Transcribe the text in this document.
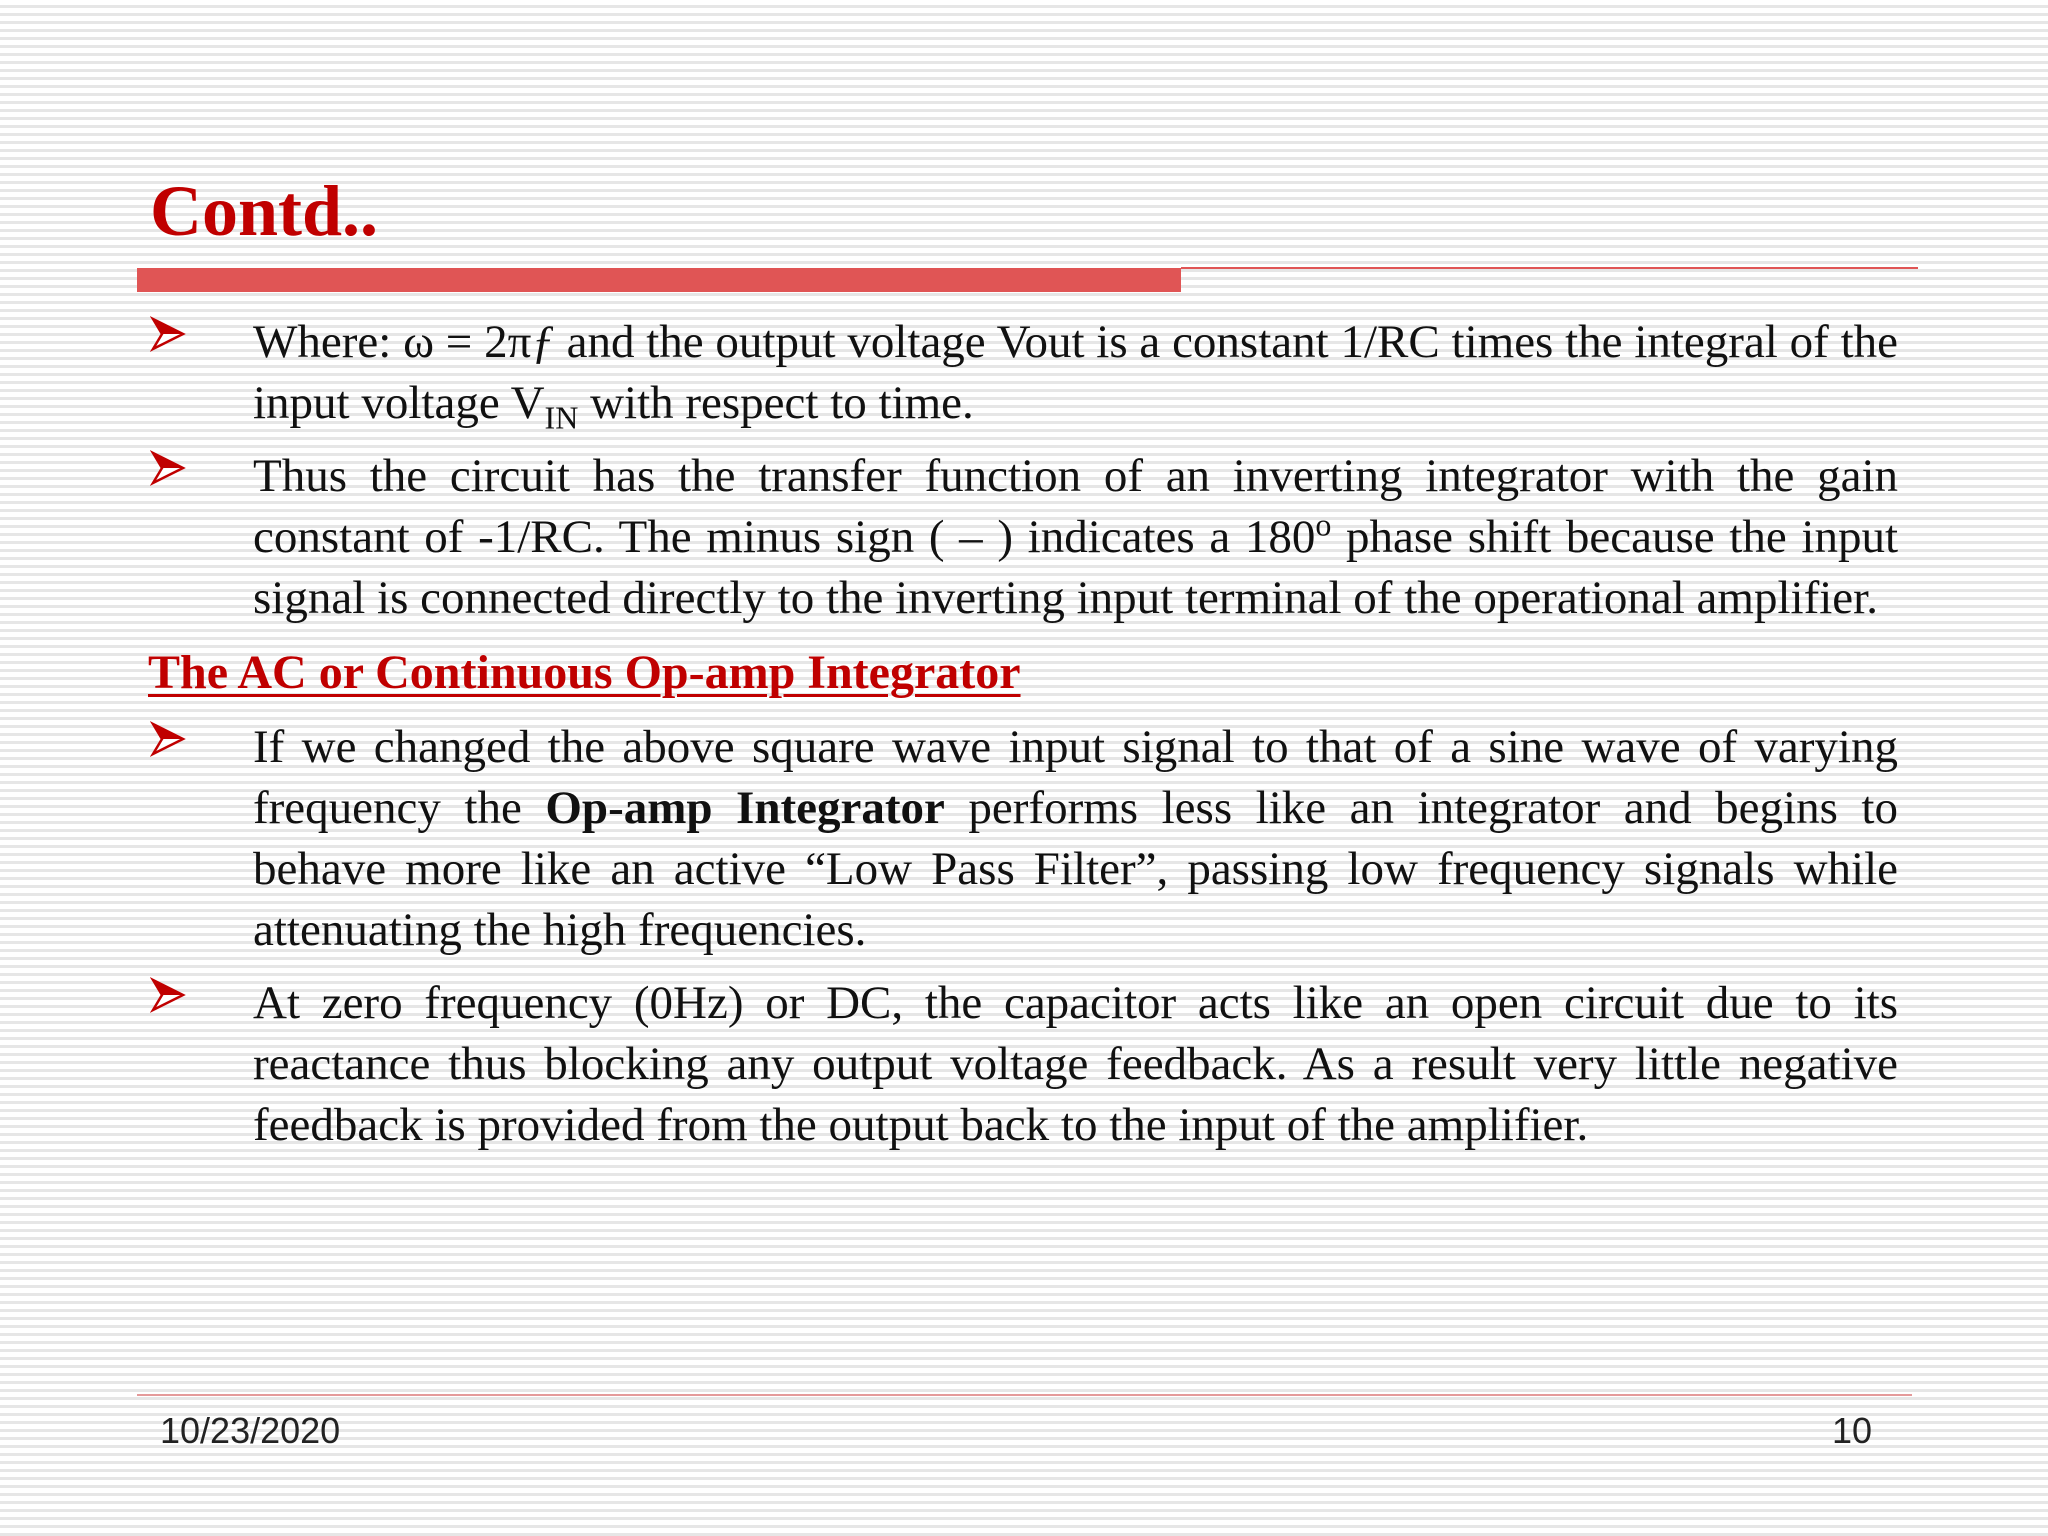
Contd..

Where: ω = 2πƒ and the output voltage Vout is a constant 1/RC times the integral of the input voltage $V_{IN}$ with respect to time.

Thus the circuit has the transfer function of an inverting integrator with the gain constant of -1/RC. The minus sign ( – ) indicates a 180$^o$ phase shift because the input signal is connected directly to the inverting input terminal of the operational amplifier.

The AC or Continuous Op-amp Integrator

If we changed the above square wave input signal to that of a sine wave of varying frequency the Op-amp Integrator performs less like an integrator and begins to behave more like an active “Low Pass Filter”, passing low frequency signals while attenuating the high frequencies.

At zero frequency (0Hz) or DC, the capacitor acts like an open circuit due to its reactance thus blocking any output voltage feedback. As a result very little negative feedback is provided from the output back to the input of the amplifier.

10/23/2020	10
